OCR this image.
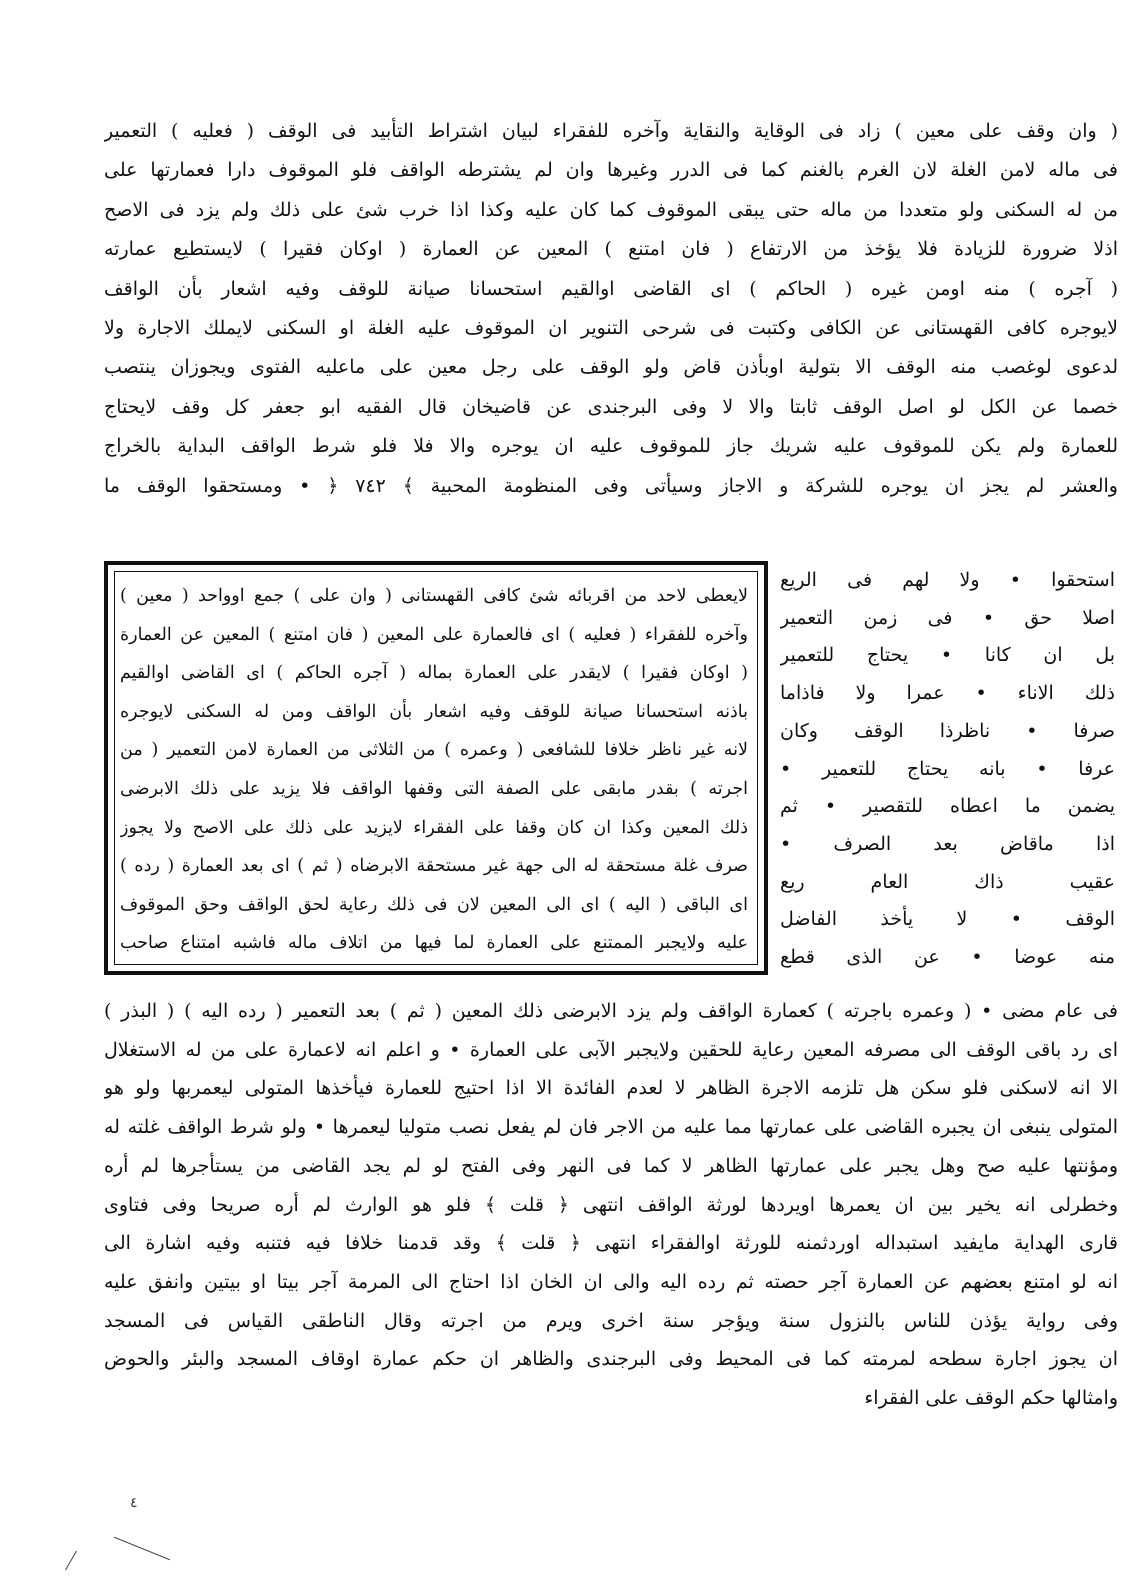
( وان وقف على معين ) زاد فى الوقاية والنقاية وآخره للفقراء لبيان اشتراط التأبيد فى الوقف ( فعليه ) التعمير
فى ماله لامن الغلة لان الغرم بالغنم كما فى الدرر وغيرها وان لم يشترطه الواقف فلو الموقوف دارا فعمارتها على
من له السكنى ولو متعددا من ماله حتى يبقى الموقوف كما كان عليه وكذا اذا خرب شئ على ذلك ولم يزد فى الاصح
اذلا ضرورة للزيادة فلا يؤخذ من الارتفاع ( فان امتنع ) المعين عن العمارة ( اوكان فقيرا ) لايستطيع عمارته
( آجره ) منه اومن غيره ( الحاكم ) اى القاضى اوالقيم استحسانا صيانة للوقف وفيه اشعار بأن الواقف
لايوجره كافى القهستانى عن الكافى وكتبت فى شرحى التنوير ان الموقوف عليه الغلة او السكنى لايملك الاجارة ولا
لدعوى لوغصب منه الوقف الا بتولية اوبأذن قاض ولو الوقف على رجل معين على ماعليه الفتوى ويجوزان ينتصب
خصما عن الكل لو اصل الوقف ثابتا والا لا وفى البرجندى عن قاضيخان قال الفقيه ابو جعفر كل وقف لايحتاج
للعمارة ولم يكن للموقوف عليه شريك جاز للموقوف عليه ان يوجره والا فلا فلو شرط الواقف البداية بالخراج
والعشر لم يجز ان يوجره للشركة و الاجاز وسيأتى وفى المنظومة المحبية ﴾ ٧٤٢ ﴿ • ومستحقوا الوقف ما
استحقوا • ولا لهم فى الريع
اصلا حق • فى زمن التعمير
بل ان كانا • يحتاج للتعمير
ذلك الاناء • عمرا ولا فاذاما
صرفا • ناظرذا الوقف وكان
عرفا • بانه يحتاج للتعمير •
يضمن ما اعطاه للتقصير • ثم
اذا ماقاض بعد الصرف •
عقيب ذاك العام ريع
الوقف • لا يأخذ الفاضل
منه عوضا • عن الذى قطع
لايعطى لاحد من اقربائه شئ كافى القهستانى ( وان على ) جمع اوواحد ( معين )
وآخره للفقراء ( فعليه ) اى فالعمارة على المعين ( فان امتنع ) المعين عن العمارة
( اوكان فقيرا ) لايقدر على العمارة بماله ( آجره الحاكم ) اى القاضى اوالقيم
باذنه استحسانا صيانة للوقف وفيه اشعار بأن الواقف ومن له السكنى لايوجره
لانه غير ناظر خلافا للشافعى ( وعمره ) من الثلاثى من العمارة لامن التعمير ( من
اجرته ) بقدر مابقى على الصفة التى وقفها الواقف فلا يزيد على ذلك الابرضى
ذلك المعين وكذا ان كان وقفا على الفقراء لايزيد على ذلك على الاصح ولا يجوز
صرف غلة مستحقة له الى جهة غير مستحقة الابرضاه ( ثم ) اى بعد العمارة ( رده )
اى الباقى ( اليه ) اى الى المعين لان فى ذلك رعاية لحق الواقف وحق الموقوف
عليه ولايجبر الممتنع على العمارة لما فيها من اتلاف ماله فاشبه امتناع صاحب
فى عام مضى • ( وعمره باجرته ) كعمارة الواقف ولم يزد الابرضى ذلك المعين ( ثم ) بعد التعمير ( رده اليه ) ( البذر )
اى رد باقى الوقف الى مصرفه المعين رعاية للحقين ولايجبر الآبى على العمارة • و اعلم انه لاعمارة على من له الاستغلال
الا انه لاسكنى فلو سكن هل تلزمه الاجرة الظاهر لا لعدم الفائدة الا اذا احتيج للعمارة فيأخذها المتولى ليعمربها ولو هو
المتولى ينبغى ان يجبره القاضى على عمارتها مما عليه من الاجر فان لم يفعل نصب متوليا ليعمرها • ولو شرط الواقف غلته له
ومؤنتها عليه صح وهل يجبر على عمارتها الظاهر لا كما فى النهر وفى الفتح لو لم يجد القاضى من يستأجرها لم أره
وخطرلى انه يخير بين ان يعمرها اويردها لورثة الواقف انتهى ﴿ قلت ﴾ فلو هو الوارث لم أره صريحا وفى فتاوى
قارى الهداية مايفيد استبداله اوردثمنه للورثة اوالفقراء انتهى ﴿ قلت ﴾ وقد قدمنا خلافا فيه فتنبه وفيه اشارة الى
انه لو امتنع بعضهم عن العمارة آجر حصته ثم رده اليه والى ان الخان اذا احتاج الى المرمة آجر بيتا او بيتين وانفق عليه
وفى رواية يؤذن للناس بالنزول سنة ويؤجر سنة اخرى ويرم من اجرته وقال الناطقى القياس فى المسجد
ان يجوز اجارة سطحه لمرمته كما فى المحيط وفى البرجندى والظاهر ان حكم عمارة اوقاف المسجد والبئر والحوض
وامثالها حكم الوقف على الفقراء
٤
